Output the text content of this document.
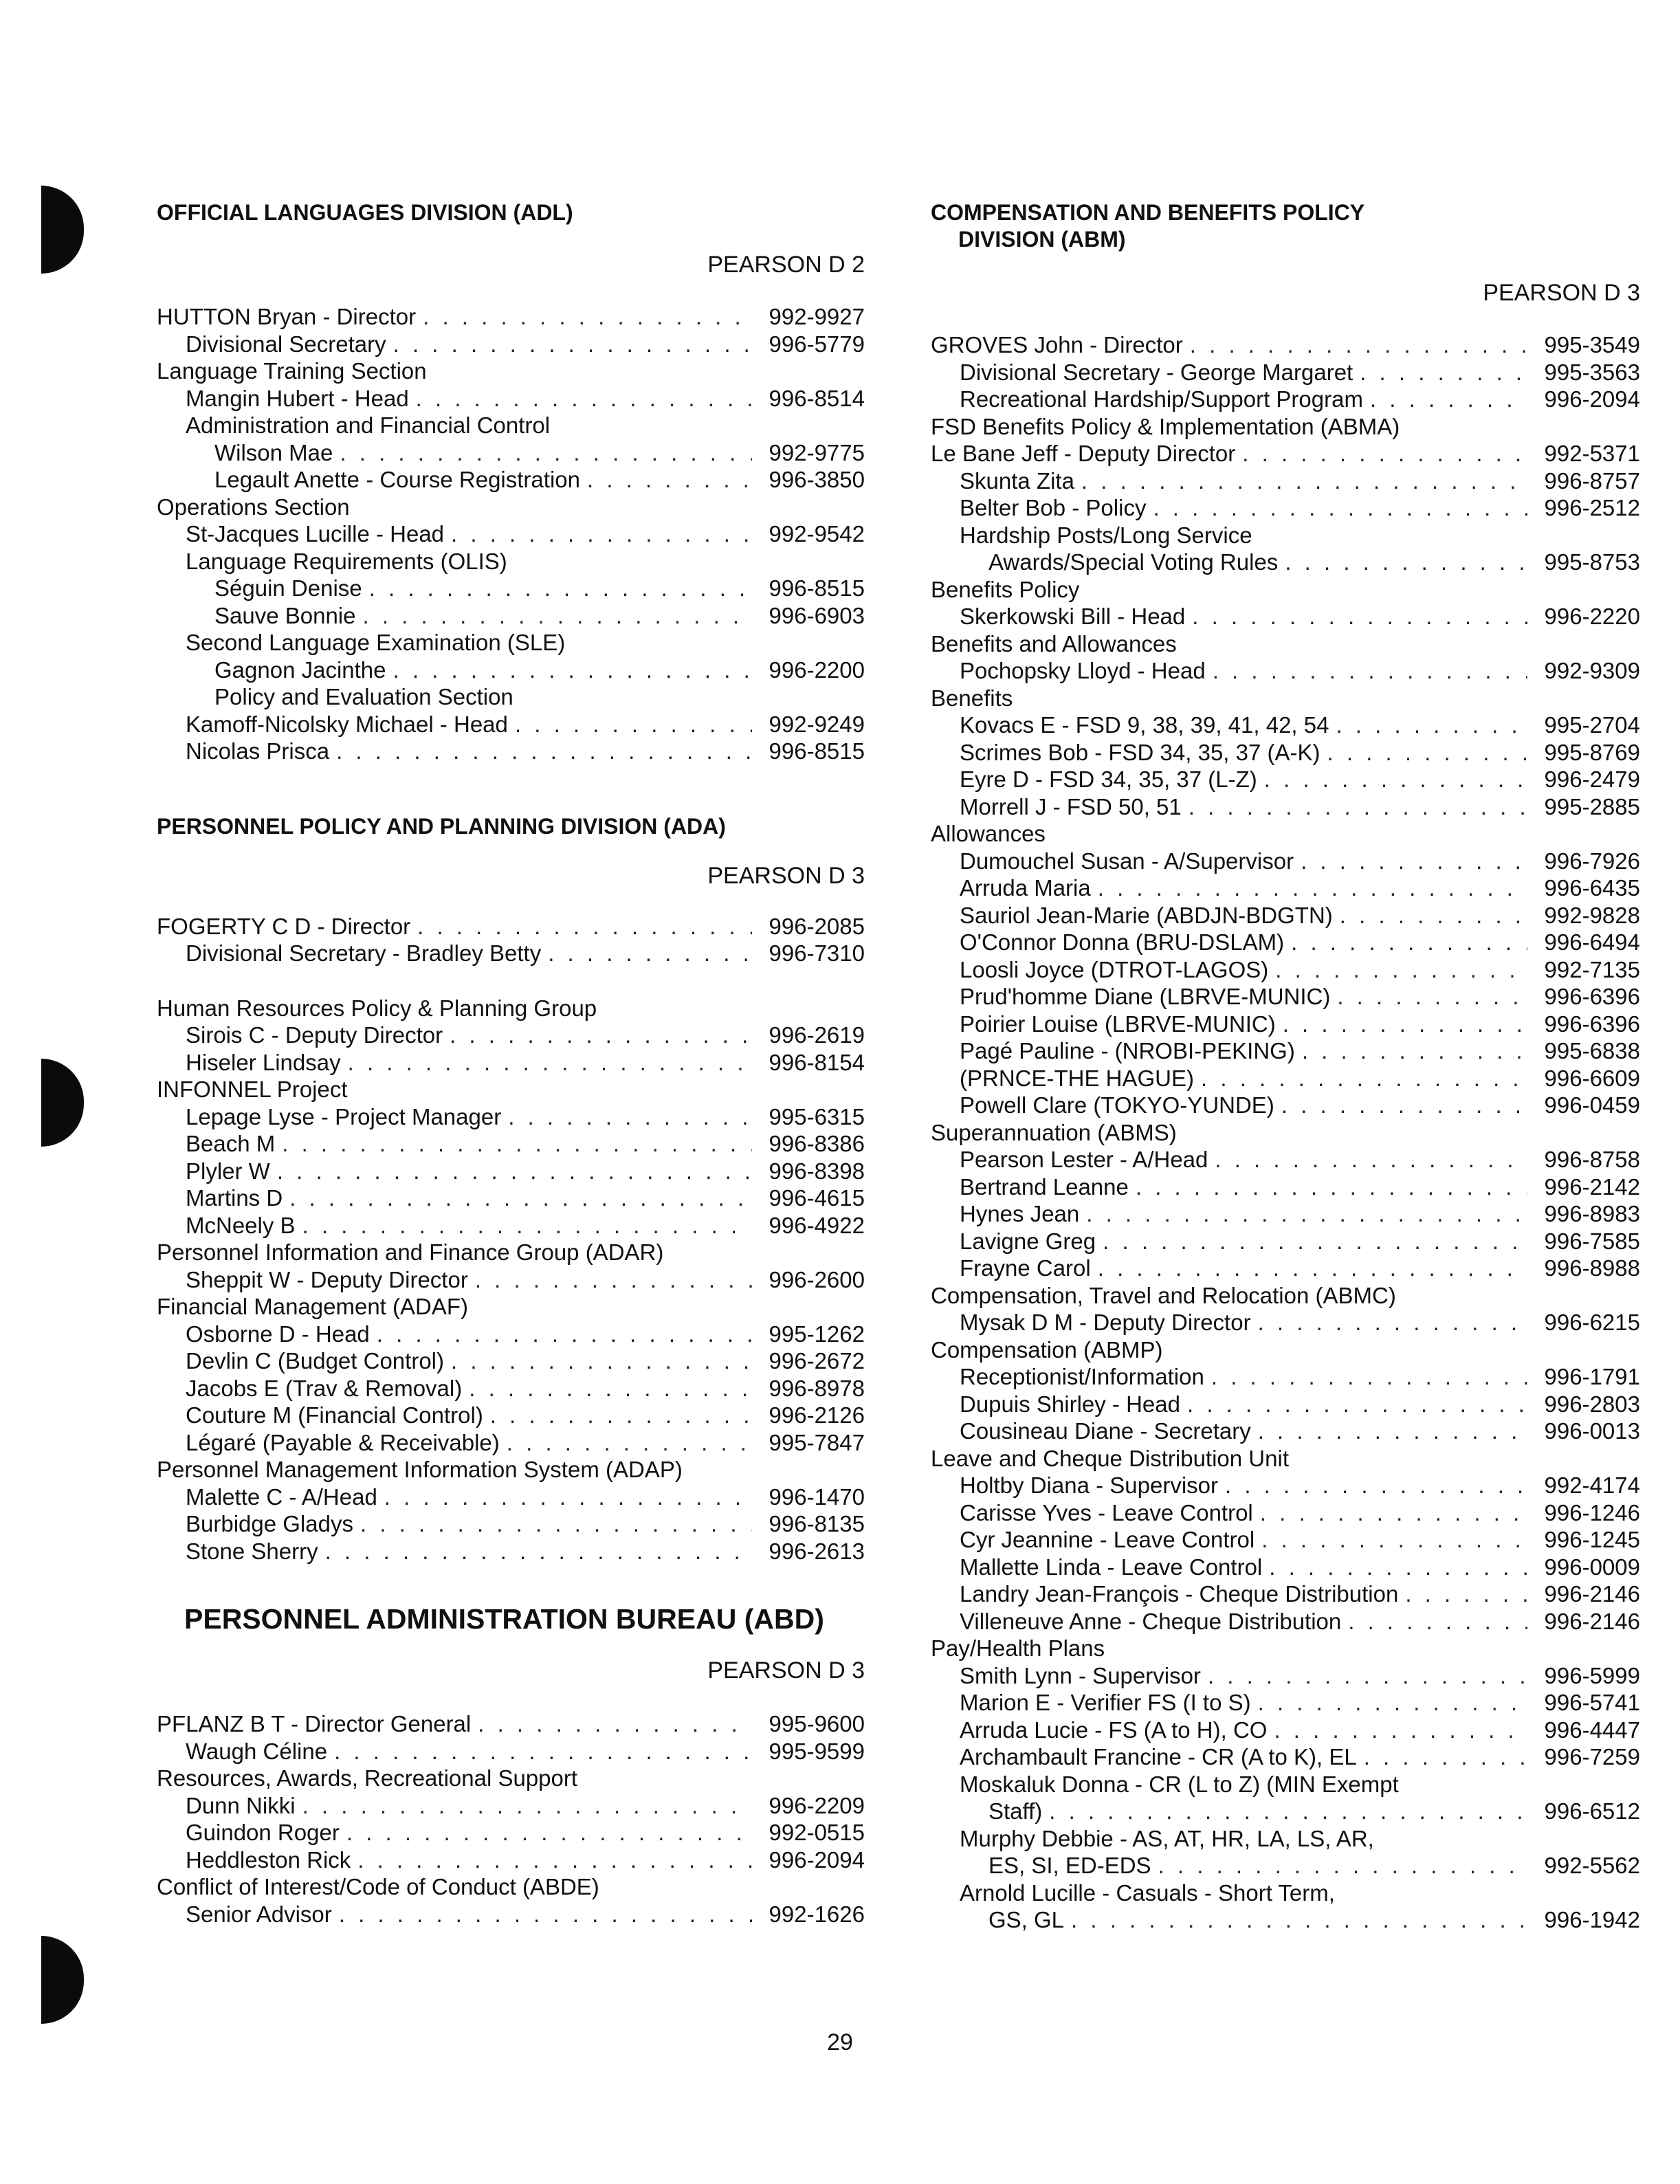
OFFICIAL LANGUAGES DIVISION (ADL)

PEARSON D 2

HUTTON Bryan - Director . . .	992-9927
Divisional Secretary . . .	996-5779
Language Training Section
Mangin Hubert - Head . . .	996-8514
Administration and Financial Control
Wilson Mae . . .	992-9775
Legault Anette - Course Registration . . .	996-3850
Operations Section
St-Jacques Lucille - Head . . .	992-9542
Language Requirements (OLIS)
Séguin Denise . . .	996-8515
Sauve Bonnie . . .	996-6903
Second Language Examination (SLE)
Gagnon Jacinthe . . .	996-2200
Policy and Evaluation Section
Kamoff-Nicolsky Michael - Head . . .	992-9249
Nicolas Prisca . . .	996-8515
PERSONNEL POLICY AND PLANNING DIVISION (ADA)

PEARSON D 3

FOGERTY C D - Director . . .	996-2085
Divisional Secretary - Bradley Betty . . .	996-7310
Human Resources Policy & Planning Group
Sirois C - Deputy Director . . .	996-2619
Hiseler Lindsay . . .	996-8154
INFONNEL Project
Lepage Lyse - Project Manager . . .	995-6315
Beach M . . .	996-8386
Plyler W . . .	996-8398
Martins D . . .	996-4615
McNeely B . . .	996-4922
Personnel Information and Finance Group (ADAR)
Sheppit W - Deputy Director . . .	996-2600
Financial Management (ADAF)
Osborne D - Head . . .	995-1262
Devlin C (Budget Control) . . .	996-2672
Jacobs E (Trav & Removal) . . .	996-8978
Couture M (Financial Control) . . .	996-2126
Légaré (Payable & Receivable) . . .	995-7847
Personnel Management Information System (ADAP)
Malette C - A/Head . . .	996-1470
Burbidge Gladys . . .	996-8135
Stone Sherry . . .	996-2613
PERSONNEL ADMINISTRATION BUREAU (ABD)

PEARSON D 3

PFLANZ B T - Director General . . .	995-9600
Waugh Céline . . .	995-9599
Resources, Awards, Recreational Support
Dunn Nikki . . .	996-2209
Guindon Roger . . .	992-0515
Heddleston Rick . . .	996-2094
Conflict of Interest/Code of Conduct (ABDE)
Senior Advisor . . .	992-1626
COMPENSATION AND BENEFITS POLICY
DIVISION (ABM)

PEARSON D 3

GROVES John - Director . . .	995-3549
Divisional Secretary - George Margaret . . .	995-3563
Recreational Hardship/Support Program . . .	996-2094
FSD Benefits Policy & Implementation (ABMA)
Le Bane Jeff - Deputy Director . . .	992-5371
Skunta Zita . . .	996-8757
Belter Bob - Policy . . .	996-2512
Hardship Posts/Long Service
Awards/Special Voting Rules . . .	995-8753
Benefits Policy
Skerkowski Bill - Head . . .	996-2220
Benefits and Allowances
Pochopsky Lloyd - Head . . .	992-9309
Benefits
Kovacs E - FSD 9, 38, 39, 41, 42, 54 . . .	995-2704
Scrimes Bob - FSD 34, 35, 37 (A-K) . . .	995-8769
Eyre D - FSD 34, 35, 37 (L-Z) . . .	996-2479
Morrell J - FSD 50, 51 . . .	995-2885
Allowances
Dumouchel Susan - A/Supervisor . . .	996-7926
Arruda Maria . . .	996-6435
Sauriol Jean-Marie (ABDJN-BDGTN) . . .	992-9828
O'Connor Donna (BRU-DSLAM) . . .	996-6494
Loosli Joyce (DTROT-LAGOS) . . .	992-7135
Prud'homme Diane (LBRVE-MUNIC) . . .	996-6396
Poirier Louise (LBRVE-MUNIC) . . .	996-6396
Pagé Pauline - (NROBI-PEKING) . . .	995-6838
(PRNCE-THE HAGUE) . . .	996-6609
Powell Clare (TOKYO-YUNDE) . . .	996-0459
Superannuation (ABMS)
Pearson Lester - A/Head . . .	996-8758
Bertrand Leanne . . .	996-2142
Hynes Jean . . .	996-8983
Lavigne Greg . . .	996-7585
Frayne Carol . . .	996-8988
Compensation, Travel and Relocation (ABMC)
Mysak D M - Deputy Director . . .	996-6215
Compensation (ABMP)
Receptionist/Information . . .	996-1791
Dupuis Shirley - Head . . .	996-2803
Cousineau Diane - Secretary . . .	996-0013
Leave and Cheque Distribution Unit
Holtby Diana - Supervisor . . .	992-4174
Carisse Yves - Leave Control . . .	996-1246
Cyr Jeannine - Leave Control . . .	996-1245
Mallette Linda - Leave Control . . .	996-0009
Landry Jean-François - Cheque Distribution . . .	996-2146
Villeneuve Anne - Cheque Distribution . . .	996-2146
Pay/Health Plans
Smith Lynn - Supervisor . . .	996-5999
Marion E - Verifier FS (I to S) . . .	996-5741
Arruda Lucie - FS (A to H), CO . . .	996-4447
Archambault Francine - CR (A to K), EL . . .	996-7259
Moskaluk Donna - CR (L to Z) (MIN Exempt
Staff) . . .	996-6512
Murphy Debbie - AS, AT, HR, LA, LS, AR,
ES, SI, ED-EDS . . .	992-5562
Arnold Lucille - Casuals - Short Term,
GS, GL . . .	996-1942
29
